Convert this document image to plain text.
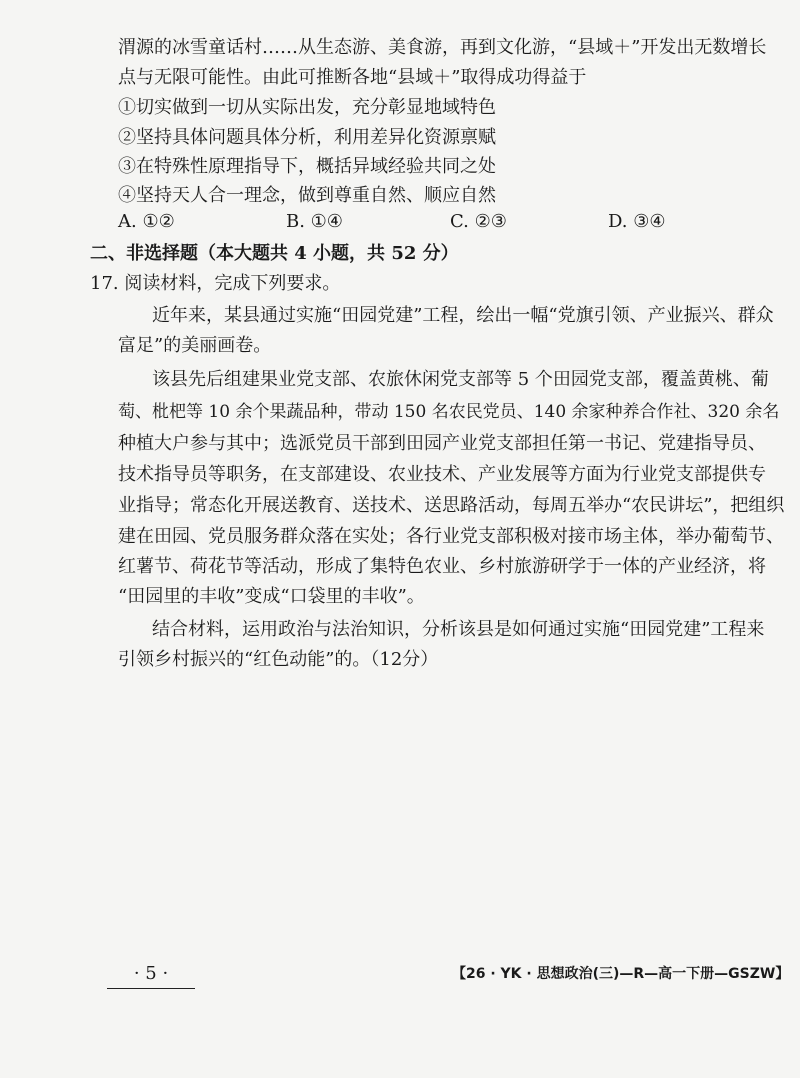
渭源的冰雪童话村……从生态游、美食游，再到文化游，“县域＋”开发出无数增长
点与无限可能性。由此可推断各地“县域＋”取得成功得益于
①切实做到一切从实际出发，充分彰显地域特色
②坚持具体问题具体分析，利用差异化资源禀赋
③在特殊性原理指导下，概括异域经验共同之处
④坚持天人合一理念，做到尊重自然、顺应自然
A. ①②	B. ①④	C. ②③	D. ③④
二、非选择题（本大题共 4 小题，共 52 分）
17. 阅读材料，完成下列要求。
近年来，某县通过实施“田园党建”工程，绘出一幅“党旗引领、产业振兴、群众
富足”的美丽画卷。
该县先后组建果业党支部、农旅休闲党支部等 5 个田园党支部，覆盖黄桃、葡
萄、枇杷等 10 余个果蔬品种，带动 150 名农民党员、140 余家种养合作社、320 余名
种植大户参与其中；选派党员干部到田园产业党支部担任第一书记、党建指导员、
技术指导员等职务，在支部建设、农业技术、产业发展等方面为行业党支部提供专
业指导；常态化开展送教育、送技术、送思路活动，每周五举办“农民讲坛”，把组织
建在田园、党员服务群众落在实处；各行业党支部积极对接市场主体，举办葡萄节、
红薯节、荷花节等活动，形成了集特色农业、乡村旅游研学于一体的产业经济，将
“田园里的丰收”变成“口袋里的丰收”。
结合材料，运用政治与法治知识，分析该县是如何通过实施“田园党建”工程来
引领乡村振兴的“红色动能”的。（12分）
· 5 ·	【26 · YK · 思想政治(三)—R—高一下册—GSZW】
